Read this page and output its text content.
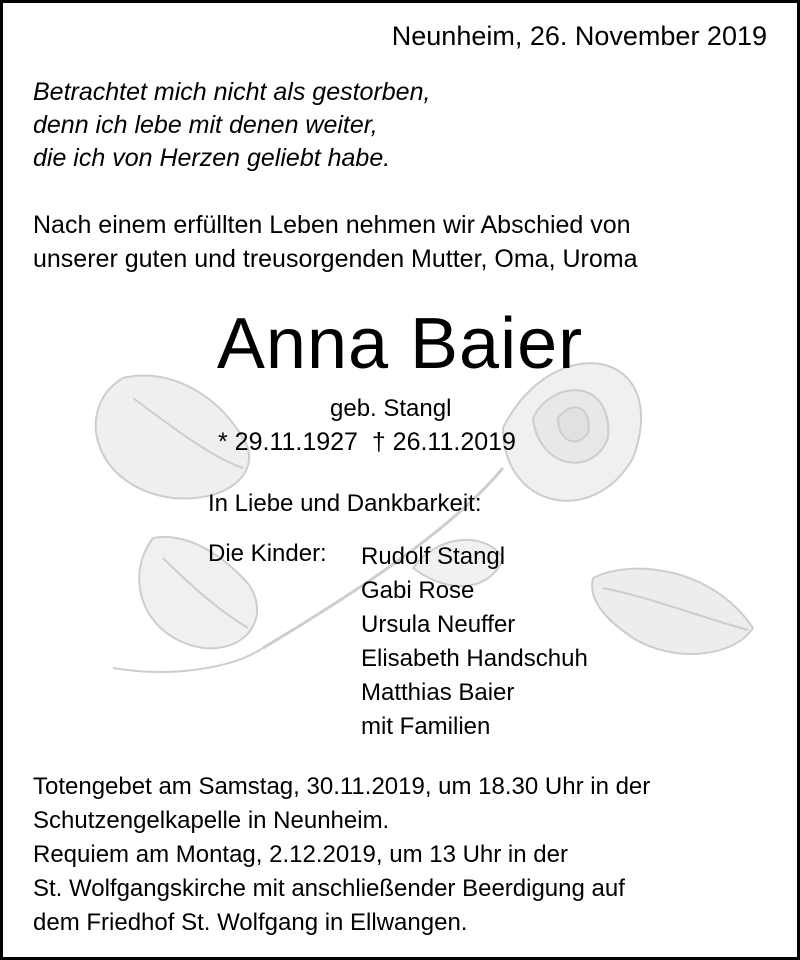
Neunheim, 26. November 2019
Betrachtet mich nicht als gestorben,
denn ich lebe mit denen weiter,
die ich von Herzen geliebt habe.
Nach einem erfüllten Leben nehmen wir Abschied von
unserer guten und treusorgenden Mutter, Oma, Uroma
Anna Baier
geb. Stangl
* 29.11.1927  † 26.11.2019
In Liebe und Dankbarkeit:
Die Kinder: Rudolf Stangl
Gabi Rose
Ursula Neuffer
Elisabeth Handschuh
Matthias Baier
mit Familien
Totengebet am Samstag, 30.11.2019, um 18.30 Uhr in der
Schutzengelkapelle in Neunheim.
Requiem am Montag, 2.12.2019, um 13 Uhr in der
St. Wolfgangskirche mit anschließender Beerdigung auf
dem Friedhof St. Wolfgang in Ellwangen.
